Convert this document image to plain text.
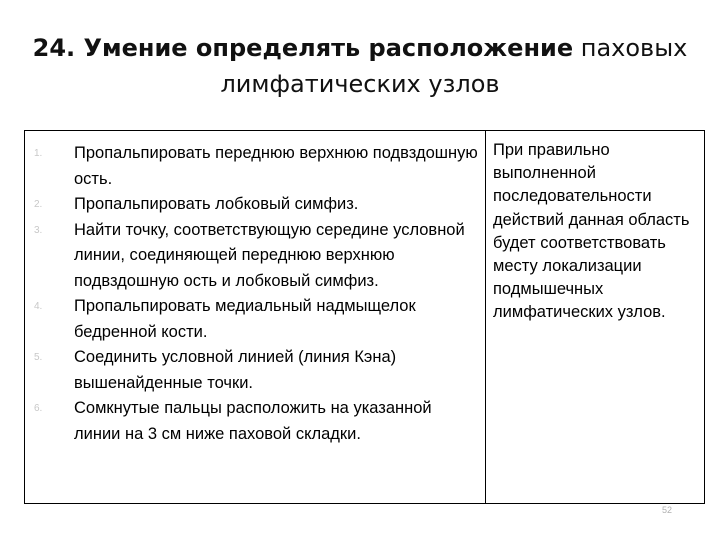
24. Умение определять расположение паховых лимфатических узлов
1. Пропальпировать переднюю верхнюю подвздошную ость.
2. Пропальпировать лобковый симфиз.
3. Найти точку, соответствующую середине условной линии, соединяющей переднюю верхнюю подвздошную ость и лобковый симфиз.
4. Пропальпировать медиальный надмыщелок бедренной кости.
5. Соединить условной линией (линия Кэна) вышенайденные точки.
6. Сомкнутые пальцы расположить на указанной линии на 3 см ниже паховой складки.
При правильно выполненной последовательности действий данная область будет соответствовать месту локализации подмышечных лимфатических узлов.
52
